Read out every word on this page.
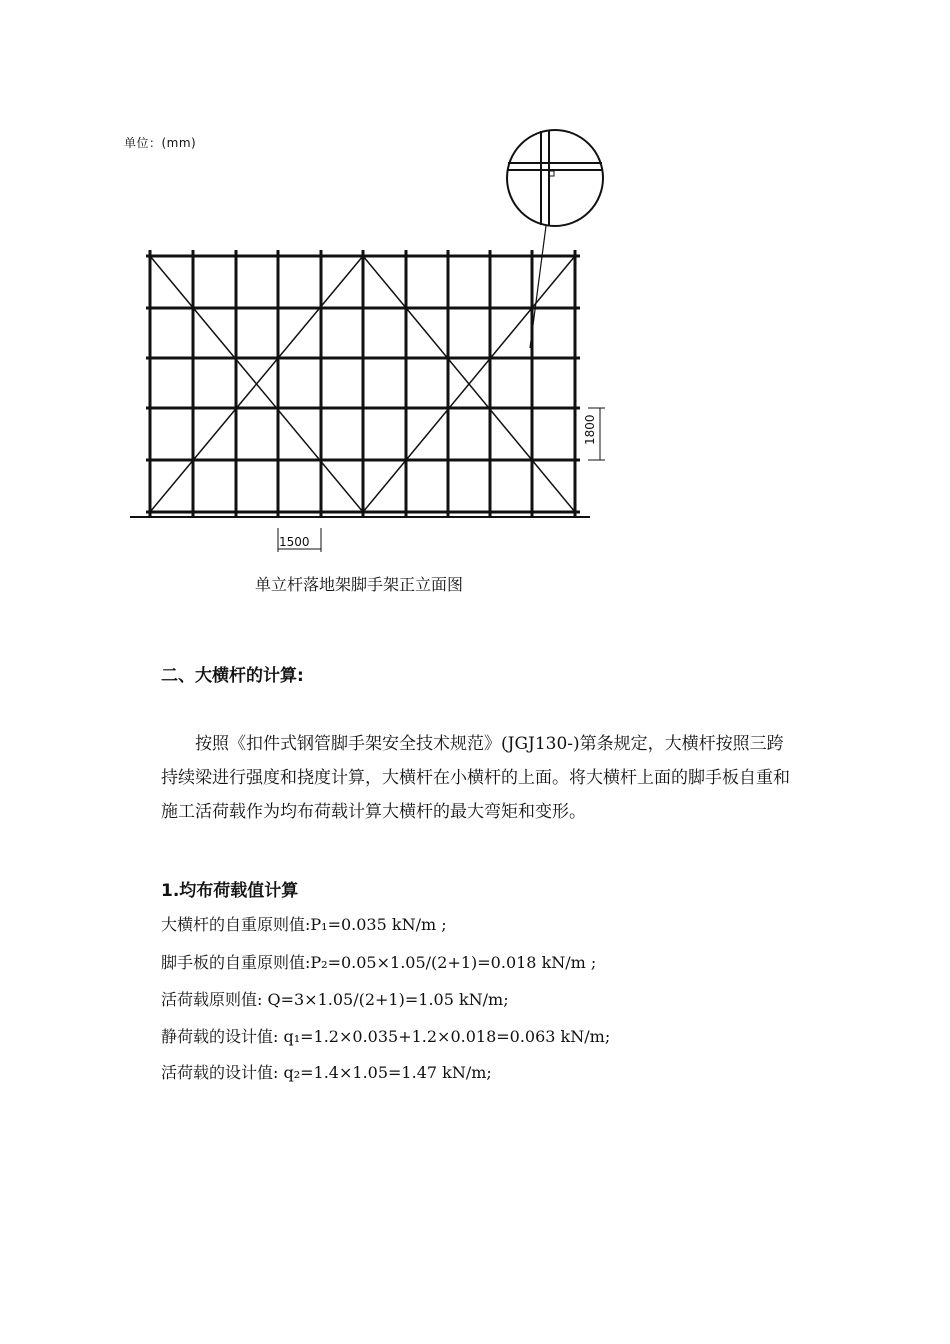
单位：(mm)
1500
1800
单立杆落地架脚手架正立面图
二、大横杆的计算:
按照《扣件式钢管脚手架安全技术规范》(JGJ130-)第条规定，大横杆按照三跨
持续梁进行强度和挠度计算，大横杆在小横杆的上面。将大横杆上面的脚手板自重和
施工活荷载作为均布荷载计算大横杆的最大弯矩和变形。
1.均布荷载值计算
大横杆的自重原则值:P₁=0.035 kN/m ;
脚手板的自重原则值:P₂=0.05×1.05/(2+1)=0.018 kN/m ;
活荷载原则值: Q=3×1.05/(2+1)=1.05 kN/m;
静荷载的设计值: q₁=1.2×0.035+1.2×0.018=0.063 kN/m;
活荷载的设计值: q₂=1.4×1.05=1.47 kN/m;
